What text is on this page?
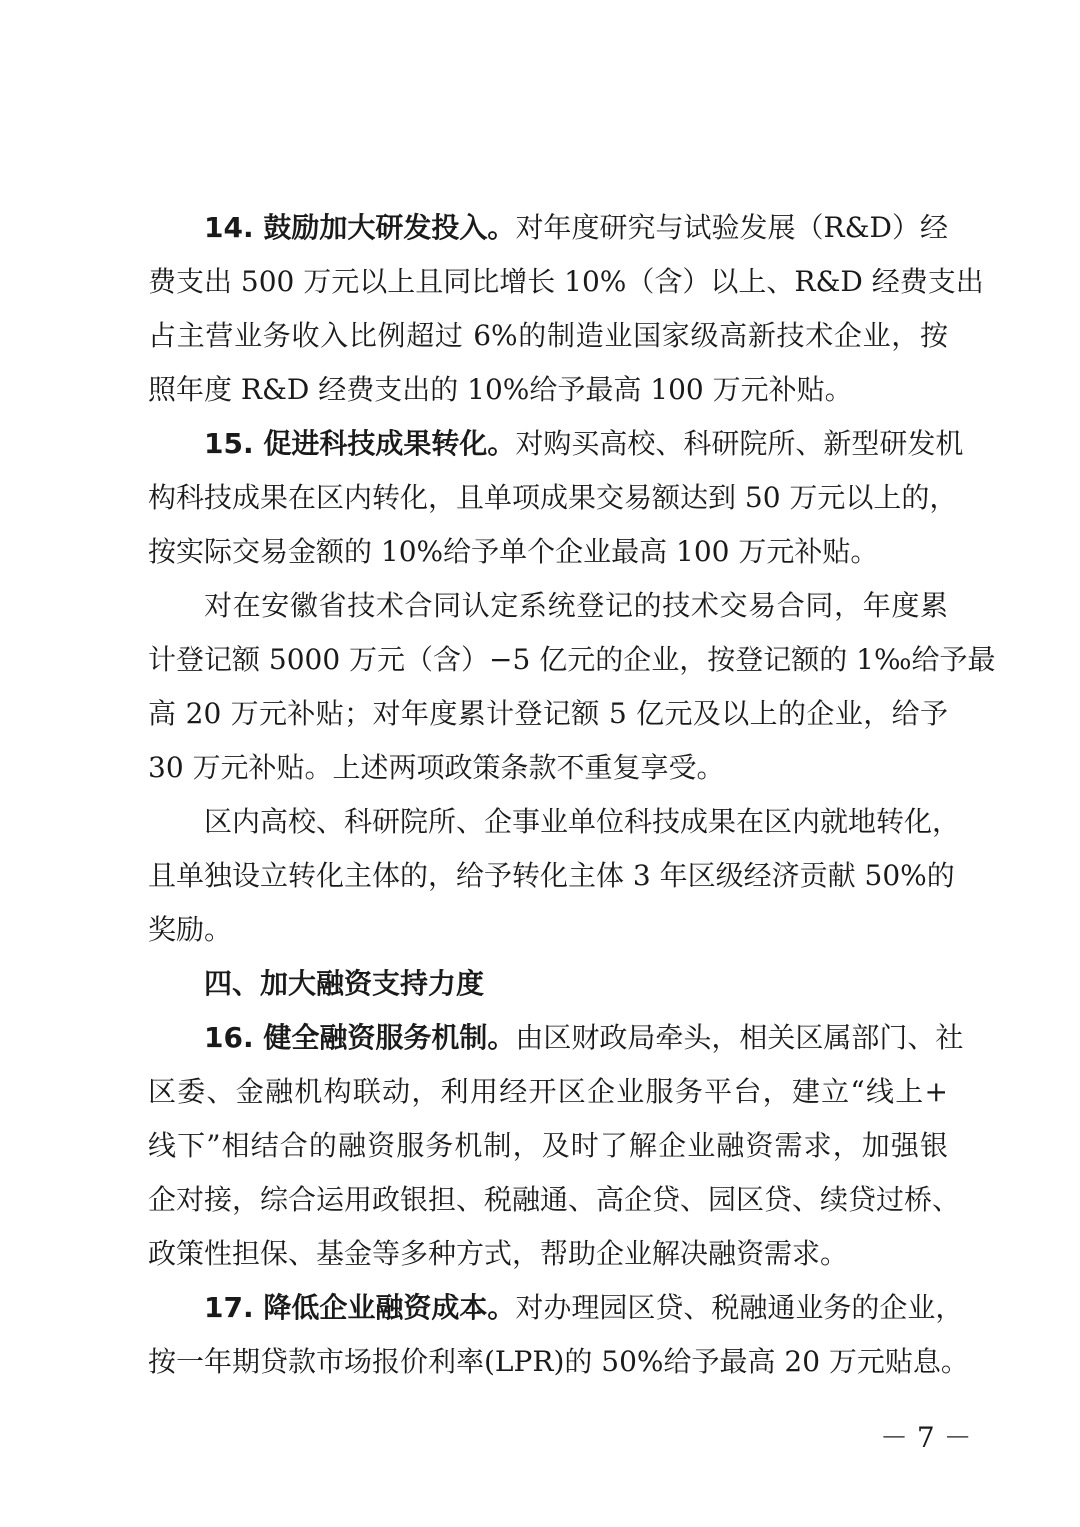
14. 鼓励加大研发投入。对年度研究与试验发展（R&D）经
费支出 500 万元以上且同比增长 10%（含）以上、R&D 经费支出
占主营业务收入比例超过 6%的制造业国家级高新技术企业，按
照年度 R&D 经费支出的 10%给予最高 100 万元补贴。
15. 促进科技成果转化。对购买高校、科研院所、新型研发机
构科技成果在区内转化，且单项成果交易额达到 50 万元以上的，
按实际交易金额的 10%给予单个企业最高 100 万元补贴。
对在安徽省技术合同认定系统登记的技术交易合同，年度累
计登记额 5000 万元（含）−5 亿元的企业，按登记额的 1‰给予最
高 20 万元补贴；对年度累计登记额 5 亿元及以上的企业，给予
30 万元补贴。上述两项政策条款不重复享受。
区内高校、科研院所、企事业单位科技成果在区内就地转化，
且单独设立转化主体的，给予转化主体 3 年区级经济贡献 50%的
奖励。
四、加大融资支持力度
16. 健全融资服务机制。由区财政局牵头，相关区属部门、社
区委、金融机构联动，利用经开区企业服务平台，建立“线上+
线下”相结合的融资服务机制，及时了解企业融资需求，加强银
企对接，综合运用政银担、税融通、高企贷、园区贷、续贷过桥、
政策性担保、基金等多种方式，帮助企业解决融资需求。
17. 降低企业融资成本。对办理园区贷、税融通业务的企业，
按一年期贷款市场报价利率(LPR)的 50%给予最高 20 万元贴息。
－ 7 －
